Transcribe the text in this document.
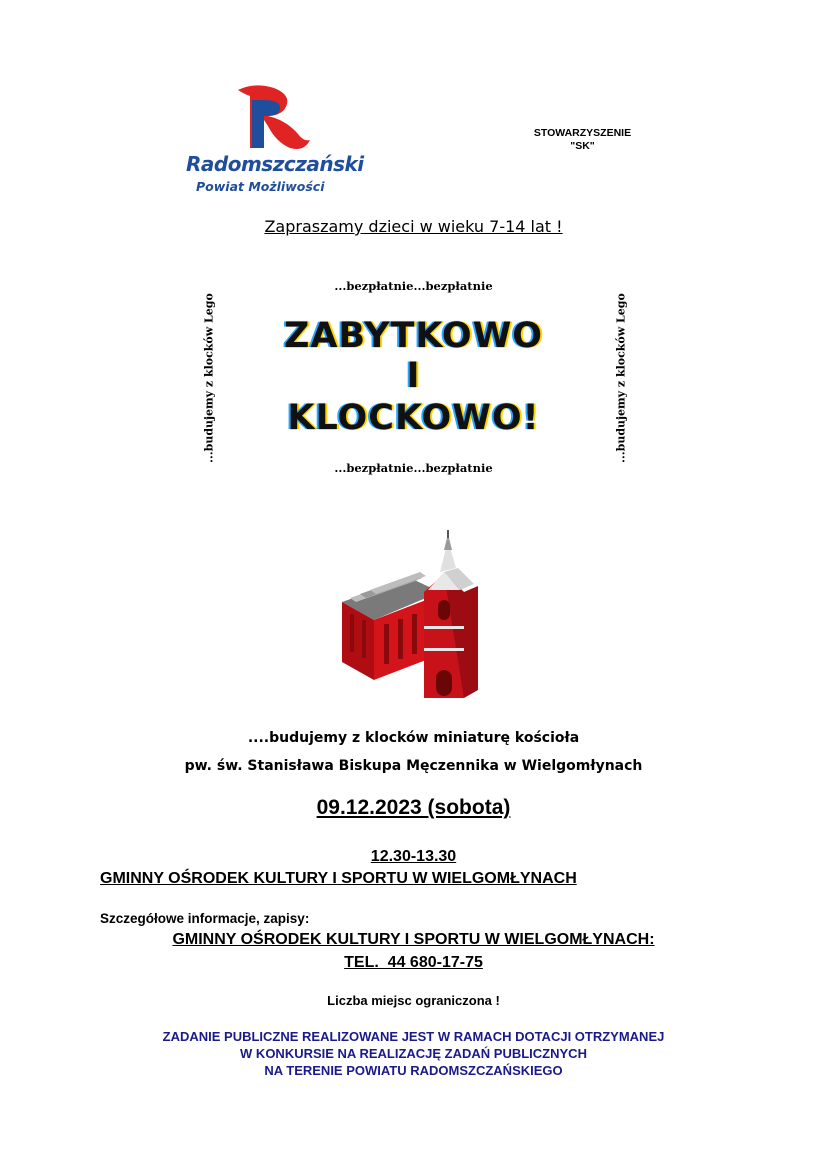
Radomszczański
Powiat Możliwości
STOWARZYSZENIE
"SK"
Zapraszamy dzieci w wieku 7-14 lat !
...bezpłatnie...bezpłatnie
...budujemy z klocków Lego	...budujemy z klocków Lego
ZABYTKOWO
I
KLOCKOWO!
...bezpłatnie...bezpłatnie
....budujemy z klocków miniaturę kościoła
pw. św. Stanisława Biskupa Męczennika w Wielgomłynach
09.12.2023 (sobota)
12.30-13.30
GMINNY OŚRODEK KULTURY I SPORTU W WIELGOMŁYNACH
Szczegółowe informacje, zapisy:
GMINNY OŚRODEK KULTURY I SPORTU W WIELGOMŁYNACH:
TEL.  44 680-17-75
Liczba miejsc ograniczona !
ZADANIE PUBLICZNE REALIZOWANE JEST W RAMACH DOTACJI OTRZYMANEJ
W KONKURSIE NA REALIZACJĘ ZADAŃ PUBLICZNYCH
NA TERENIE POWIATU RADOMSZCZAŃSKIEGO
